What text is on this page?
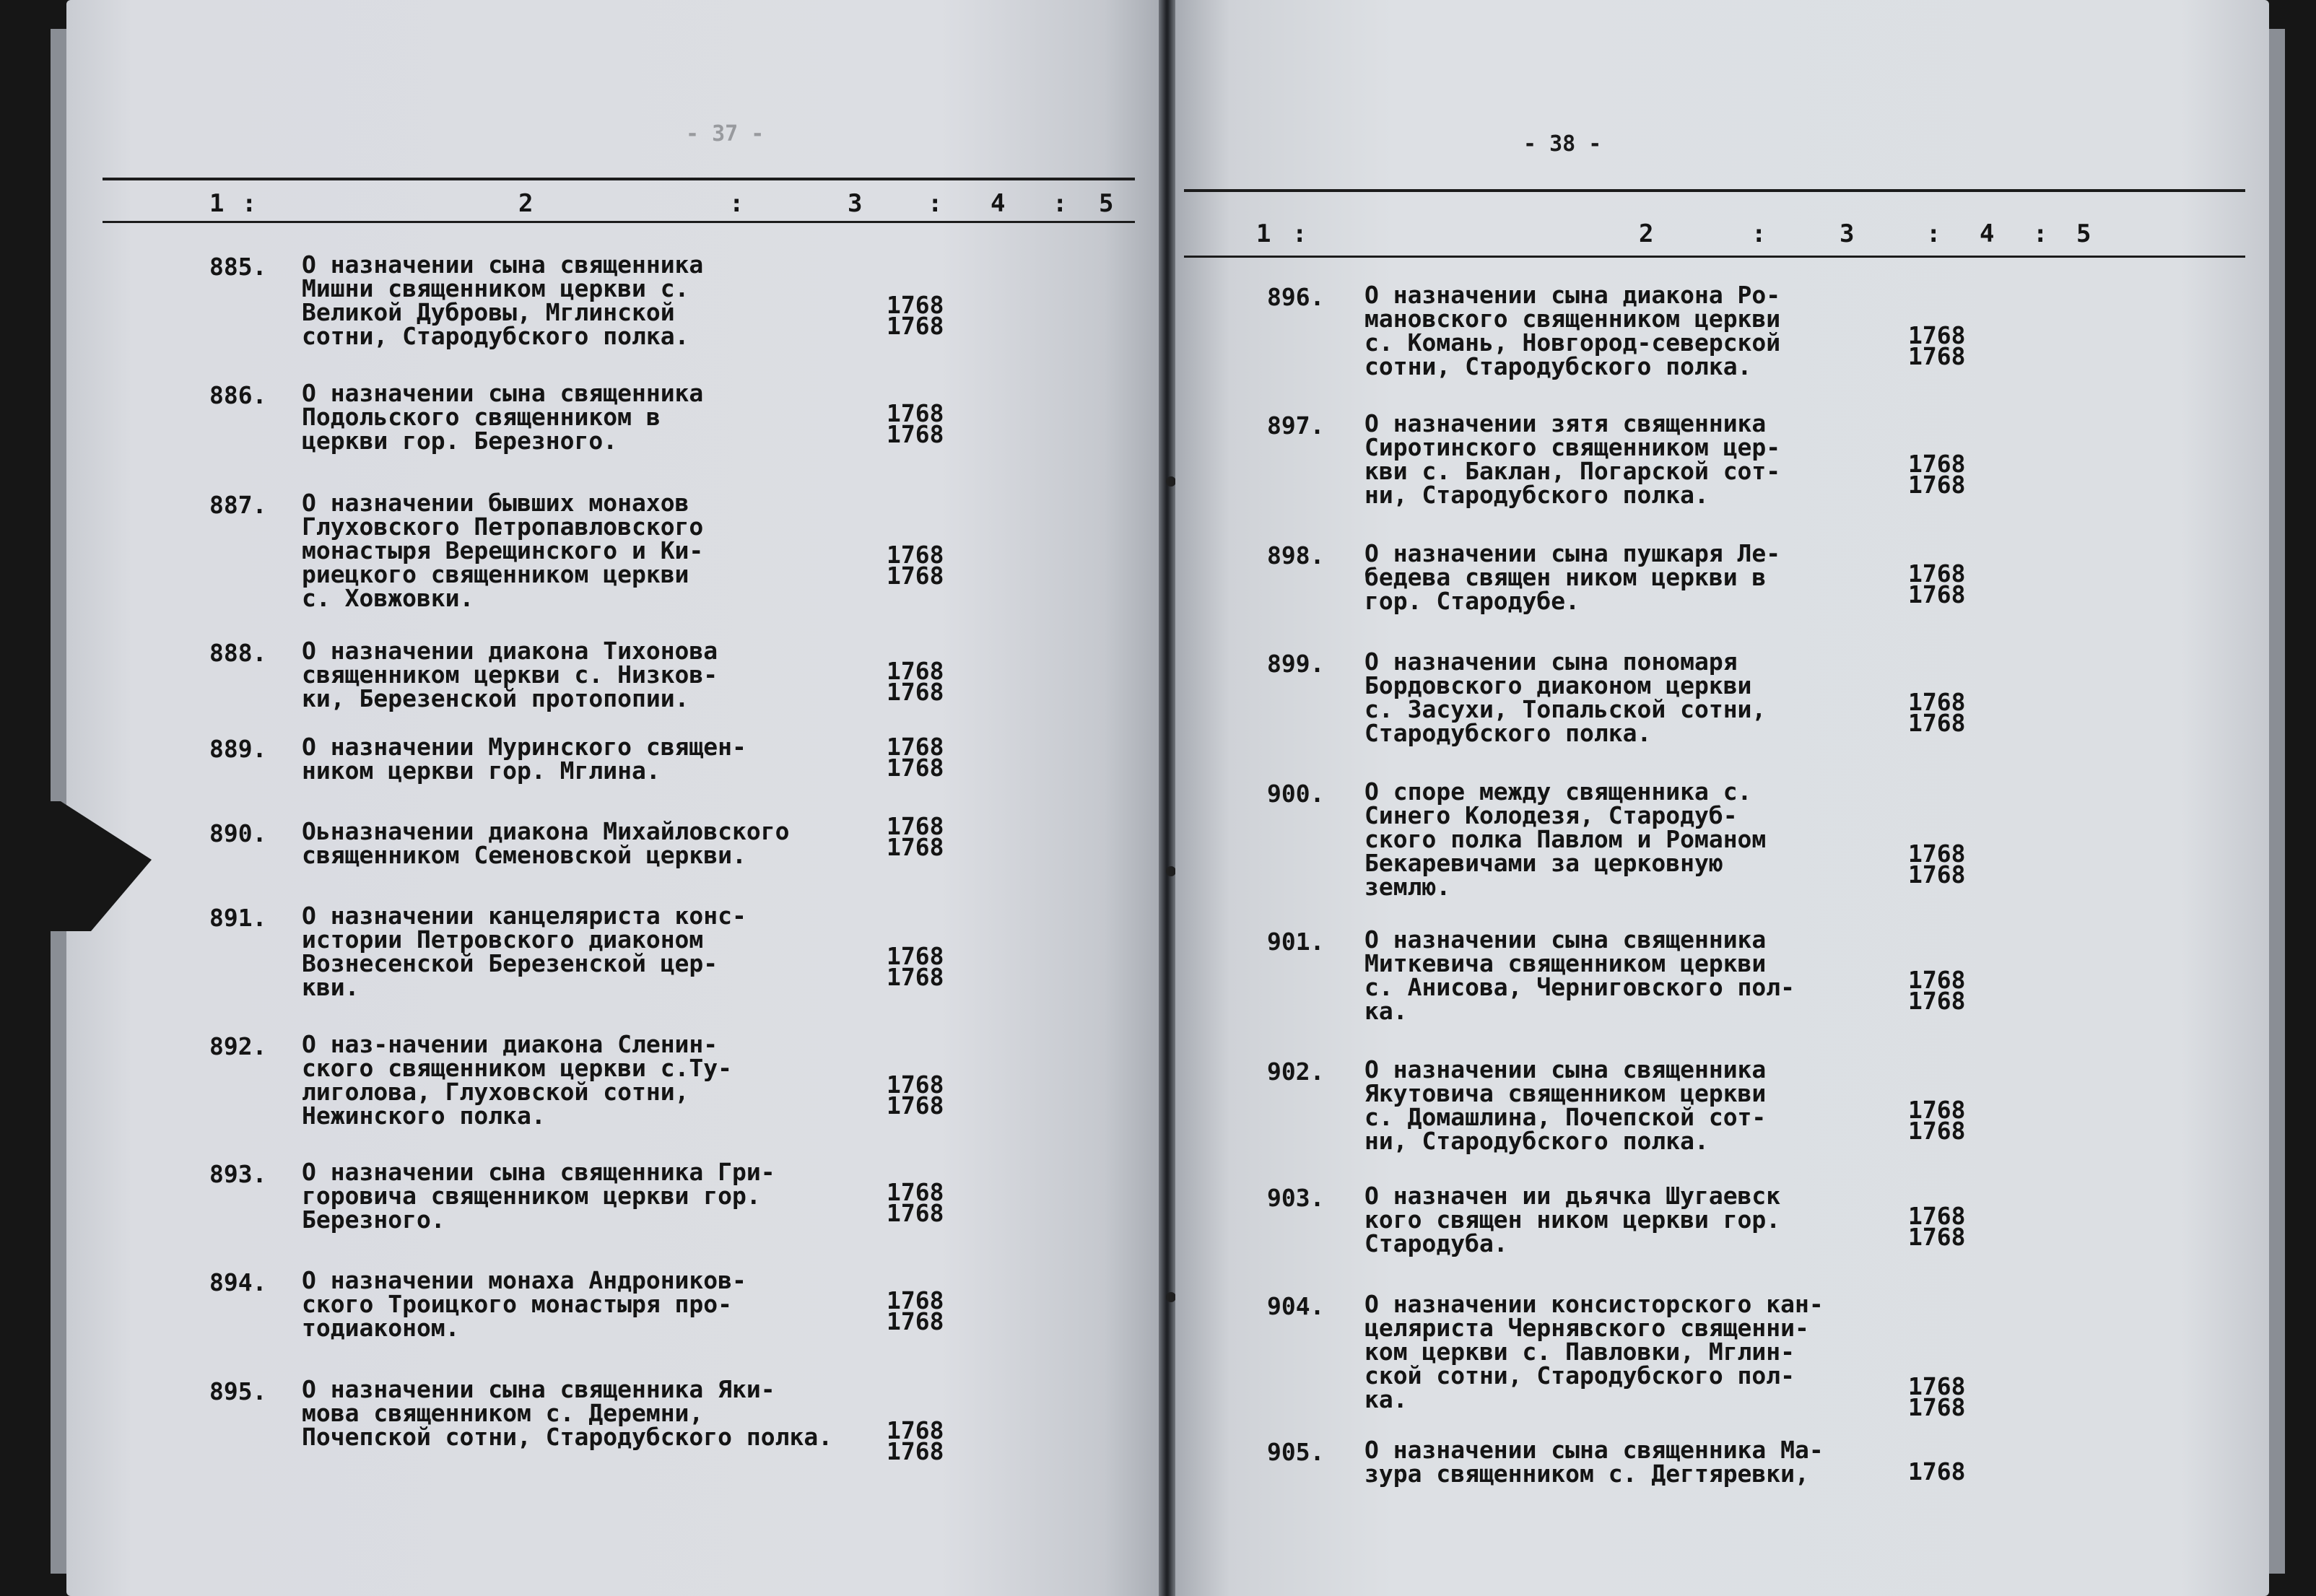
- 37 -
1 :	2	:	3	: 4 : 5
885. О назначении сына священника
Мишни священником церкви с.
Великой Дубровы, Мглинской
сотни, Стародубского полка.
1768
1768
886. О назначении сына священника
Подольского священником в
церкви гор. Березного.
1768
1768
887. О назначении бывших монахов
Глуховского Петропавловского
монастыря Верещинского и Ки-
риецкого священником церкви
с. Ховжовки.
1768
1768
888. О назначении диакона Тихонова
священником церкви с. Низков-
ки, Березенской протопопии.
1768
1768
889. О назначении Муринского священ-
ником церкви гор. Мглина.
1768
1768
890. Оьназначении диакона Михайловского
священником Семеновской церкви.
1768
1768
891. О назначении канцеляриста конс-
истории Петровского диаконом
Вознесенской Березенской цер-
кви.
1768
1768
892. О наз-начении диакона Сленин-
ского священником церкви с.Ту-
лиголова, Глуховской сотни,
Нежинского полка.
1768
1768
893. О назначении сына священника Гри-
горовича священником церкви гор.
Березного.
1768
1768
894. О назначении монаха Андроников-
ского Троицкого монастыря про-
тодиаконом.
1768
1768
895. О назначении сына священника Яки-
мова священником с. Деремни,
Почепской сотни, Стародубского полка. 1768
1768
- 38 -
1 :	2	:	3	: 4 : 5
896. О назначении сына диакона Ро-
мановского священником церкви
с. Комань, Новгород-северской
сотни, Стародубского полка.
1768
1768
897. О назначении зятя священника
Сиротинского священником цер-
кви с. Баклан, Погарской сот-
ни, Стародубского полка.
1768
1768
898. О назначении сына пушкаря Ле-
бедева священ ником церкви в
гор. Стародубе.
1768
1768
899. О назначении сына пономаря
Бордовского диаконом церкви
с. Засухи, Топальской сотни,
Стародубского полка.
1768
1768
900. О споре между священника с.
Синего Колодезя, Стародуб-
ского полка Павлом и Романом
Бекаревичами за церковную
землю.
1768
1768
901. О назначении сына священника
Миткевича священником церкви
с. Анисова, Черниговского пол-
ка.
1768
1768
902. О назначении сына священника
Якутовича священником церкви
с. Домашлина, Почепской сот-
ни, Стародубского полка.
1768
1768
903. О назначен ии дьячка Шугаевск
кого священ ником церкви гор.
Стародуба.
1768
1768
904. О назначении консисторского кан-
целяриста Чернявского священни-
ком церкви с. Павловки, Мглин-
ской сотни, Стародубского пол-
ка.	1768
1768
905. О назначении сына священника Ма-
зура священником с. Дегтяревки,	1768
